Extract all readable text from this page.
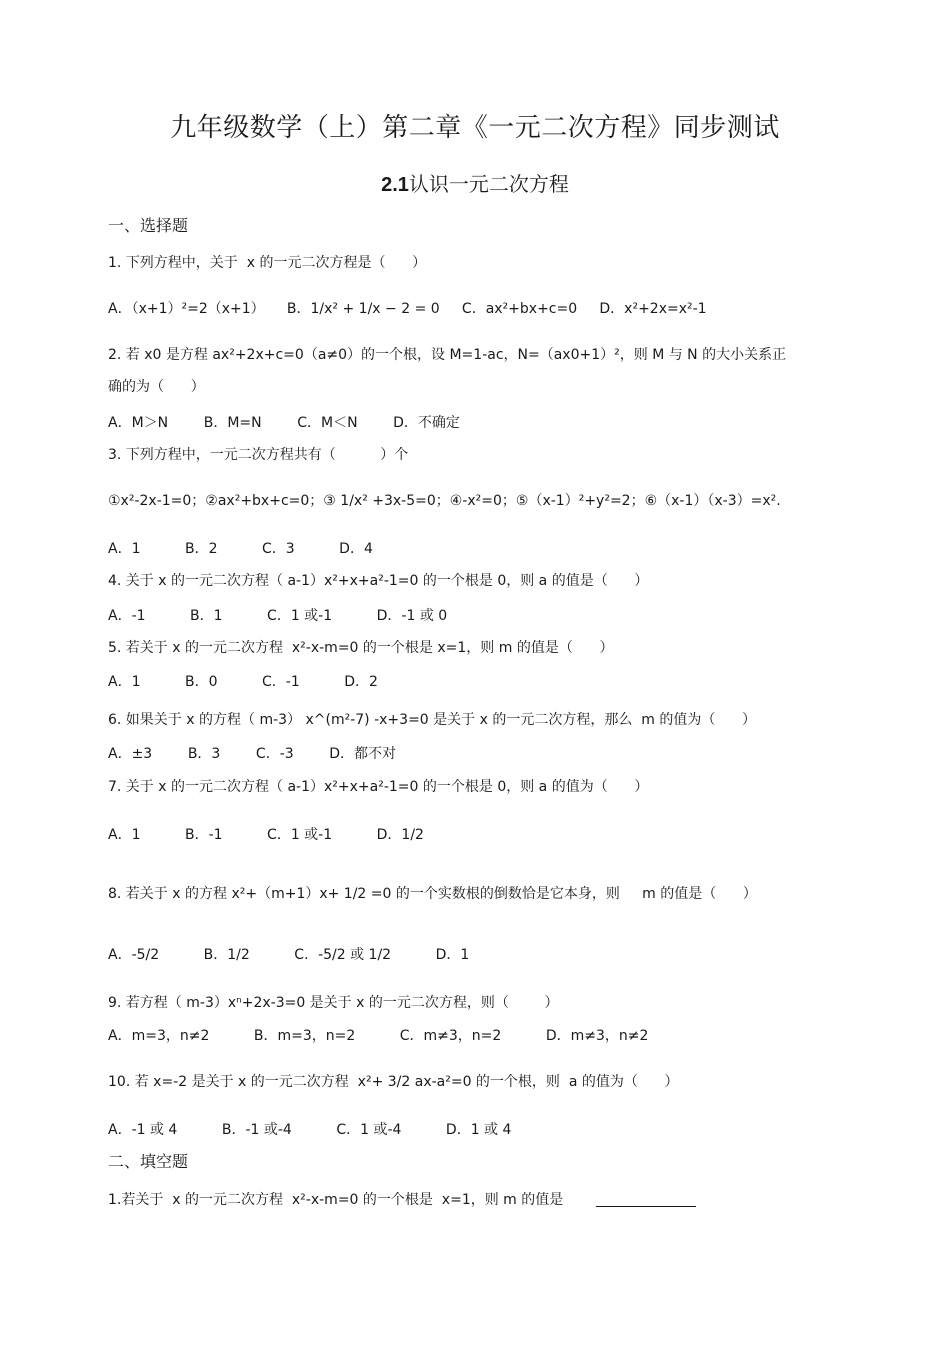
九年级数学（上）第二章《一元二次方程》同步测试
2.1认识一元二次方程
一、选择题
1. 下列方程中，关于  x 的一元二次方程是（      ）
A．（x+1）²=2（x+1）     B．1/x² + 1/x − 2 = 0     C．ax²+bx+c=0     D．x²+2x=x²-1
2. 若 x0 是方程 ax²+2x+c=0（a≠0）的一个根，设 M=1-ac，N=（ax0+1）²，则 M 与 N 的大小关系正
确的为（      ）
A．M＞N        B．M=N        C．M＜N        D．不确定
3. 下列方程中，一元二次方程共有（          ）个
①x²-2x-1=0；②ax²+bx+c=0；③ 1/x² +3x-5=0；④-x²=0；⑤（x-1）²+y²=2；⑥（x-1）（x-3）=x².
A．1          B．2          C．3          D．4
4. 关于 x 的一元二次方程（ a-1）x²+x+a²-1=0 的一个根是 0，则 a 的值是（      ）
A．-1          B．1          C．1 或-1          D．-1 或 0
5. 若关于 x 的一元二次方程  x²-x-m=0 的一个根是 x=1，则 m 的值是（      ）
A．1          B．0          C．-1          D．2
6. 如果关于 x 的方程（ m-3） x^(m²-7) -x+3=0 是关于 x 的一元二次方程，那么  m 的值为（      ）
A．±3        B．3        C．-3        D．都不对
7. 关于 x 的一元二次方程（ a-1）x²+x+a²-1=0 的一个根是 0，则 a 的值为（      ）
A．1          B．-1          C．1 或-1          D．1/2
8. 若关于 x 的方程 x²+（m+1）x+ 1/2 =0 的一个实数根的倒数恰是它本身，则     m 的值是（      ）
A．-5/2          B．1/2          C．-5/2 或 1/2          D．1
9. 若方程（ m-3）xⁿ+2x-3=0 是关于 x 的一元二次方程，则（        ）
A．m=3，n≠2          B．m=3，n=2          C．m≠3，n=2          D．m≠3，n≠2
10. 若 x=-2 是关于 x 的一元二次方程  x²+ 3/2 ax-a²=0 的一个根，则  a 的值为（      ）
A．-1 或 4          B．-1 或-4          C．1 或-4          D．1 或 4
二、填空题
1.若关于  x 的一元二次方程  x²-x-m=0 的一个根是  x=1，则 m 的值是
